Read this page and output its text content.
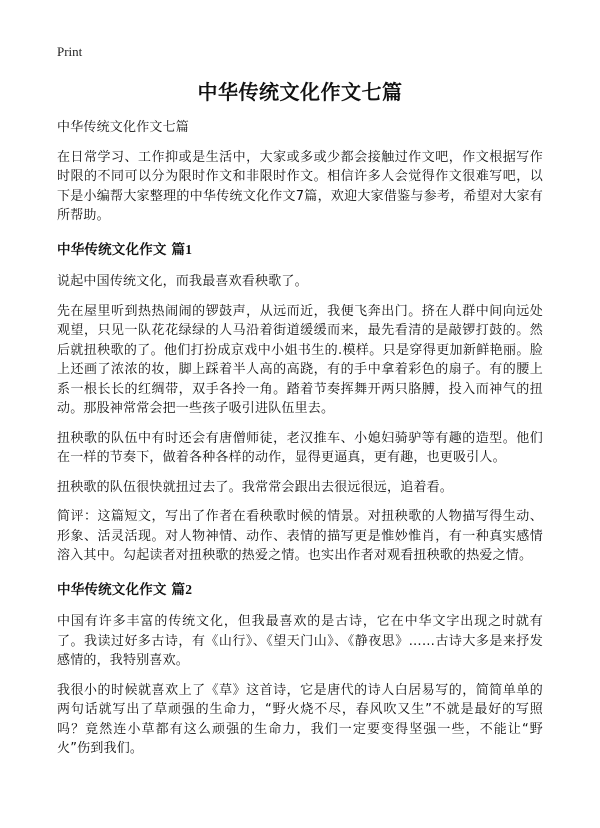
Print
中华传统文化作文七篇

中华传统文化作文七篇

在日常学习、工作抑或是生活中，大家或多或少都会接触过作文吧，作文根据写作时限的不同可以分为限时作文和非限时作文。相信许多人会觉得作文很难写吧，以下是小编帮大家整理的中华传统文化作文7篇，欢迎大家借鉴与参考，希望对大家有所帮助。

中华传统文化作文 篇1

说起中国传统文化，而我最喜欢看秧歌了。

先在屋里听到热热闹闹的锣鼓声，从远而近，我便飞奔出门。挤在人群中间向远处观望，只见一队花花绿绿的人马沿着街道缓缓而来，最先看清的是敲锣打鼓的。然后就扭秧歌的了。他们打扮成京戏中小姐书生的.模样。只是穿得更加新鲜艳丽。脸上还画了浓浓的妆，脚上踩着半人高的高跷，有的手中拿着彩色的扇子。有的腰上系一根长长的红绸带，双手各拎一角。踏着节奏挥舞开两只胳膊，投入而神气的扭动。那股神常常会把一些孩子吸引进队伍里去。

扭秧歌的队伍中有时还会有唐僧师徒，老汉推车、小媳妇骑驴等有趣的造型。他们在一样的节奏下，做着各种各样的动作，显得更逼真，更有趣，也更吸引人。

扭秧歌的队伍很快就扭过去了。我常常会跟出去很远很远，追着看。

简评：这篇短文，写出了作者在看秧歌时候的情景。对扭秧歌的人物描写得生动、形象、活灵活现。对人物神情、动作、表情的描写更是惟妙惟肖，有一种真实感情溶入其中。勾起读者对扭秧歌的热爱之情。也实出作者对观看扭秧歌的热爱之情。

中华传统文化作文 篇2

中国有许多丰富的传统文化，但我最喜欢的是古诗，它在中华文字出现之时就有了。我读过好多古诗，有《山行》、《望天门山》、《静夜思》……古诗大多是来抒发感情的，我特别喜欢。

我很小的时候就喜欢上了《草》这首诗，它是唐代的诗人白居易写的，简简单单的两句话就写出了草顽强的生命力，“野火烧不尽，春风吹又生”不就是最好的写照吗？竟然连小草都有这么顽强的生命力，我们一定要变得坚强一些，不能让“野火”伤到我们。
